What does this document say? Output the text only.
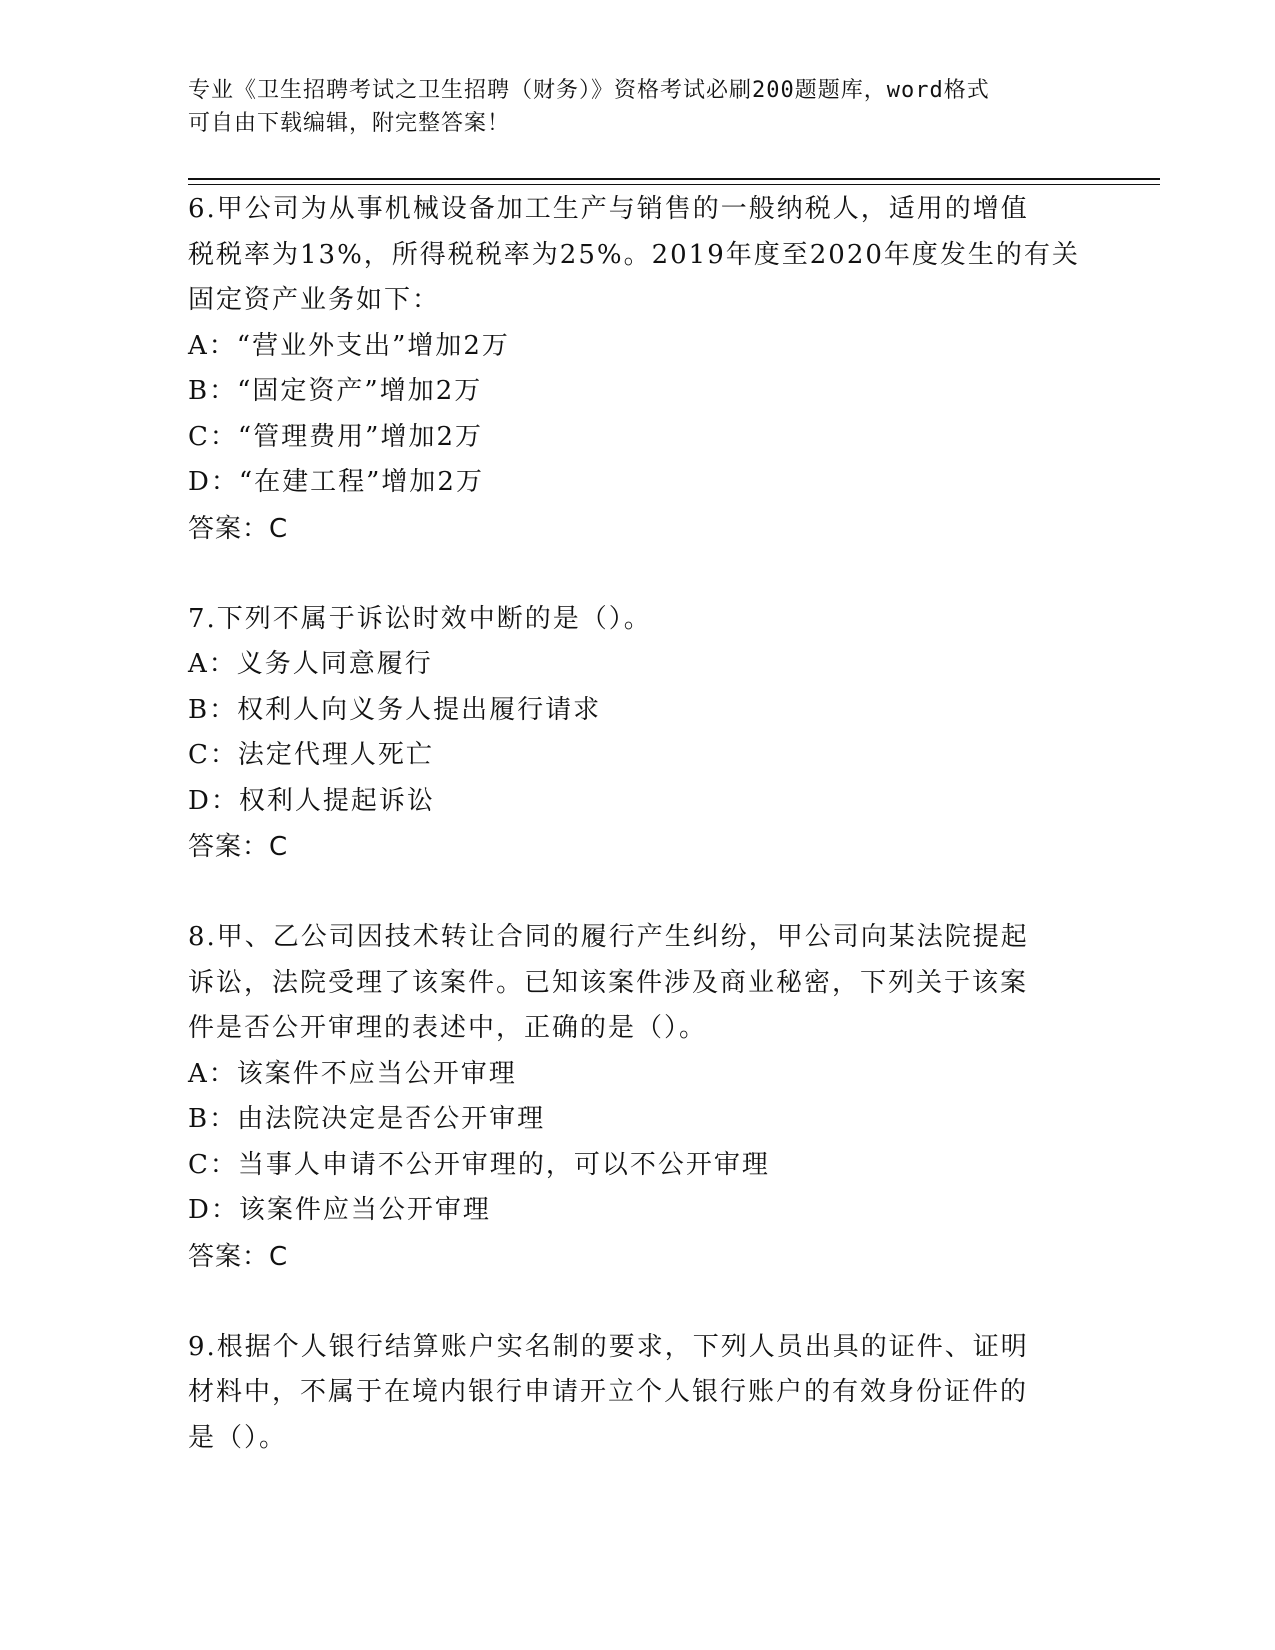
专业《卫生招聘考试之卫生招聘（财务）》资格考试必刷200题题库，word格式
可自由下载编辑，附完整答案！
6.甲公司为从事机械设备加工生产与销售的一般纳税人，适用的增值
税税率为13%，所得税税率为25%。2019年度至2020年度发生的有关
固定资产业务如下：
A：“营业外支出”增加2万
B：“固定资产”增加2万
C：“管理费用”增加2万
D：“在建工程”增加2万
答案：C
7.下列不属于诉讼时效中断的是（）。
A：义务人同意履行
B：权利人向义务人提出履行请求
C：法定代理人死亡
D：权利人提起诉讼
答案：C
8.甲、乙公司因技术转让合同的履行产生纠纷，甲公司向某法院提起
诉讼，法院受理了该案件。已知该案件涉及商业秘密，下列关于该案
件是否公开审理的表述中，正确的是（）。
A：该案件不应当公开审理
B：由法院决定是否公开审理
C：当事人申请不公开审理的，可以不公开审理
D：该案件应当公开审理
答案：C
9.根据个人银行结算账户实名制的要求，下列人员出具的证件、证明
材料中，不属于在境内银行申请开立个人银行账户的有效身份证件的
是（）。
